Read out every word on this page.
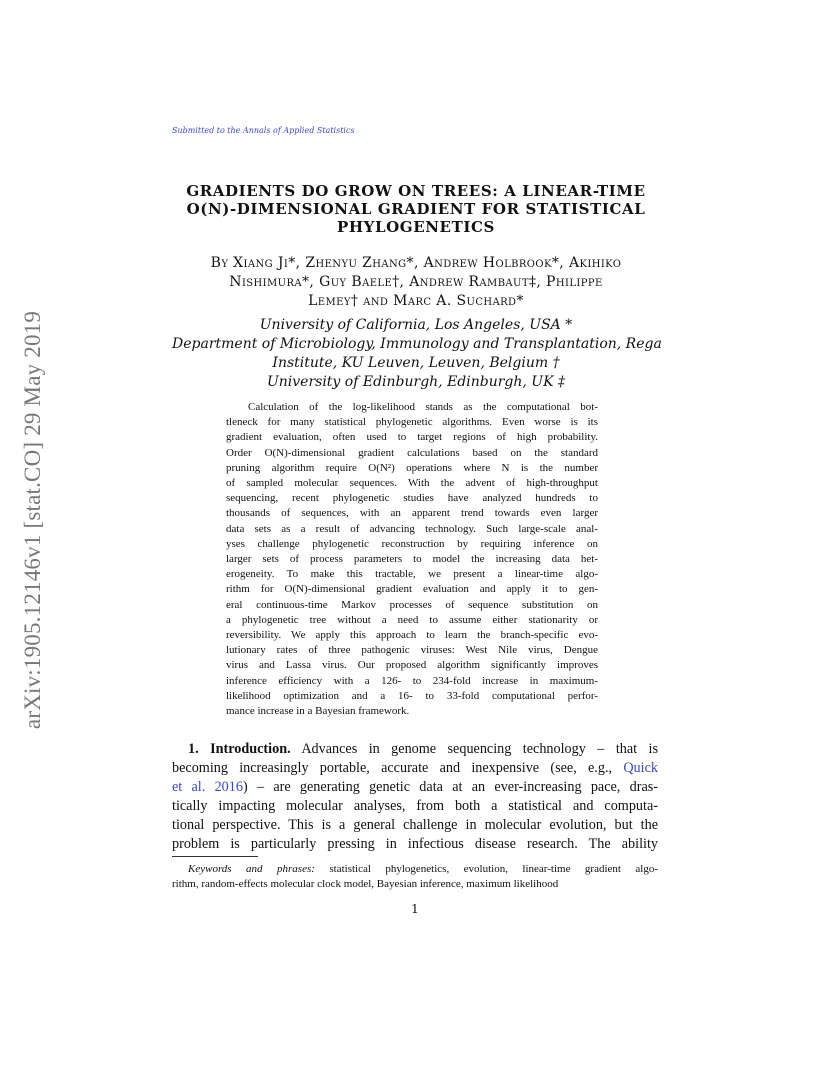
arXiv:1905.12146v1 [stat.CO] 29 May 2019
Submitted to the Annals of Applied Statistics
GRADIENTS DO GROW ON TREES: A LINEAR-TIME
O(N)-DIMENSIONAL GRADIENT FOR STATISTICAL
PHYLOGENETICS
By Xiang Ji*, Zhenyu Zhang*, Andrew Holbrook*, Akihiko
Nishimura*, Guy Baele†, Andrew Rambaut‡, Philippe
Lemey† and Marc A. Suchard*
University of California, Los Angeles, USA *
Department of Microbiology, Immunology and Transplantation, Rega
Institute, KU Leuven, Leuven, Belgium †
University of Edinburgh, Edinburgh, UK ‡
Calculation of the log-likelihood stands as the computational bot-
tleneck for many statistical phylogenetic algorithms. Even worse is its
gradient evaluation, often used to target regions of high probability.
Order O(N)-dimensional gradient calculations based on the standard
pruning algorithm require O(N²) operations where N is the number
of sampled molecular sequences. With the advent of high-throughput
sequencing, recent phylogenetic studies have analyzed hundreds to
thousands of sequences, with an apparent trend towards even larger
data sets as a result of advancing technology. Such large-scale anal-
yses challenge phylogenetic reconstruction by requiring inference on
larger sets of process parameters to model the increasing data het-
erogeneity. To make this tractable, we present a linear-time algo-
rithm for O(N)-dimensional gradient evaluation and apply it to gen-
eral continuous-time Markov processes of sequence substitution on
a phylogenetic tree without a need to assume either stationarity or
reversibility. We apply this approach to learn the branch-specific evo-
lutionary rates of three pathogenic viruses: West Nile virus, Dengue
virus and Lassa virus. Our proposed algorithm significantly improves
inference efficiency with a 126- to 234-fold increase in maximum-
likelihood optimization and a 16- to 33-fold computational perfor-
mance increase in a Bayesian framework.
1. Introduction. Advances in genome sequencing technology – that is
becoming increasingly portable, accurate and inexpensive (see, e.g., Quick
et al. 2016) – are generating genetic data at an ever-increasing pace, dras-
tically impacting molecular analyses, from both a statistical and computa-
tional perspective. This is a general challenge in molecular evolution, but the
problem is particularly pressing in infectious disease research. The ability
Keywords and phrases: statistical phylogenetics, evolution, linear-time gradient algo-
rithm, random-effects molecular clock model, Bayesian inference, maximum likelihood
1
